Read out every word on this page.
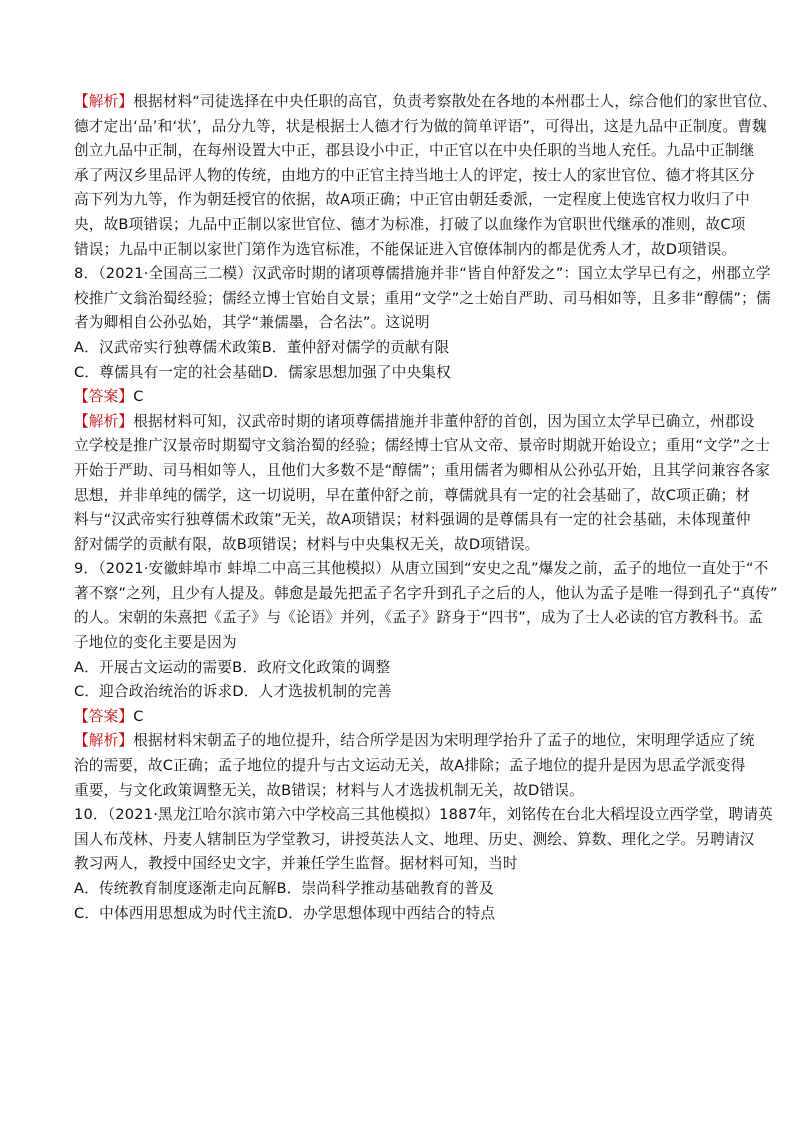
【解析】根据材料“司徒选择在中央任职的高官，负责考察散处在各地的本州郡士人，综合他们的家世官位、
德才定出‘品’和‘状’，品分九等，状是根据士人德才行为做的简单评语”，可得出，这是九品中正制度。曹魏
创立九品中正制，在每州设置大中正，郡县设小中正，中正官以在中央任职的当地人充任。九品中正制继
承了两汉乡里品评人物的传统，由地方的中正官主持当地士人的评定，按士人的家世官位、德才将其区分
高下列为九等，作为朝廷授官的依据，故A项正确；中正官由朝廷委派，一定程度上使选官权力收归了中
央，故B项错误；九品中正制以家世官位、德才为标准，打破了以血缘作为官职世代继承的准则，故C项
错误；九品中正制以家世门第作为选官标准，不能保证进入官僚体制内的都是优秀人才，故D项错误。
8．（2021·全国高三二模）汉武帝时期的诸项尊儒措施并非“皆自仲舒发之”：国立太学早已有之，州郡立学
校推广文翁治蜀经验；儒经立博士官始自文景；重用“文学”之士始自严助、司马相如等，且多非“醇儒”；儒
者为卿相自公孙弘始，其学“兼儒墨，合名法”。这说明
A．汉武帝实行独尊儒术政策B．董仲舒对儒学的贡献有限
C．尊儒具有一定的社会基础D．儒家思想加强了中央集权
【答案】C
【解析】根据材料可知，汉武帝时期的诸项尊儒措施并非董仲舒的首创，因为国立太学早已确立，州郡设
立学校是推广汉景帝时期蜀守文翁治蜀的经验；儒经博士官从文帝、景帝时期就开始设立；重用“文学”之士
开始于严助、司马相如等人，且他们大多数不是“醇儒”；重用儒者为卿相从公孙弘开始，且其学问兼容各家
思想，并非单纯的儒学，这一切说明，早在董仲舒之前，尊儒就具有一定的社会基础了，故C项正确；材
料与“汉武帝实行独尊儒术政策”无关，故A项错误；材料强调的是尊儒具有一定的社会基础，未体现董仲
舒对儒学的贡献有限，故B项错误；材料与中央集权无关，故D项错误。
9．（2021·安徽蚌埠市 蚌埠二中高三其他模拟）从唐立国到“安史之乱”爆发之前，孟子的地位一直处于“不
著不察”之列，且少有人提及。韩愈是最先把孟子名字升到孔子之后的人，他认为孟子是唯一得到孔子“真传”
的人。宋朝的朱熹把《孟子》与《论语》并列，《孟子》跻身于“四书”，成为了士人必读的官方教科书。孟
子地位的变化主要是因为
A．开展古文运动的需要B．政府文化政策的调整
C．迎合政治统治的诉求D．人才选拔机制的完善
【答案】C
【解析】根据材料宋朝孟子的地位提升，结合所学是因为宋明理学抬升了孟子的地位，宋明理学适应了统
治的需要，故C正确；孟子地位的提升与古文运动无关，故A排除；孟子地位的提升是因为思孟学派变得
重要，与文化政策调整无关，故B错误；材料与人才选拔机制无关，故D错误。
10．（2021·黑龙江哈尔滨市第六中学校高三其他模拟）1887年，刘铭传在台北大稻埕设立西学堂，聘请英
国人布茂林、丹麦人辖制臣为学堂教习，讲授英法人文、地理、历史、测绘、算数、理化之学。另聘请汉
教习两人，教授中国经史文字，并兼任学生监督。据材料可知，当时
A．传统教育制度逐渐走向瓦解B．崇尚科学推动基础教育的普及
C．中体西用思想成为时代主流D．办学思想体现中西结合的特点
